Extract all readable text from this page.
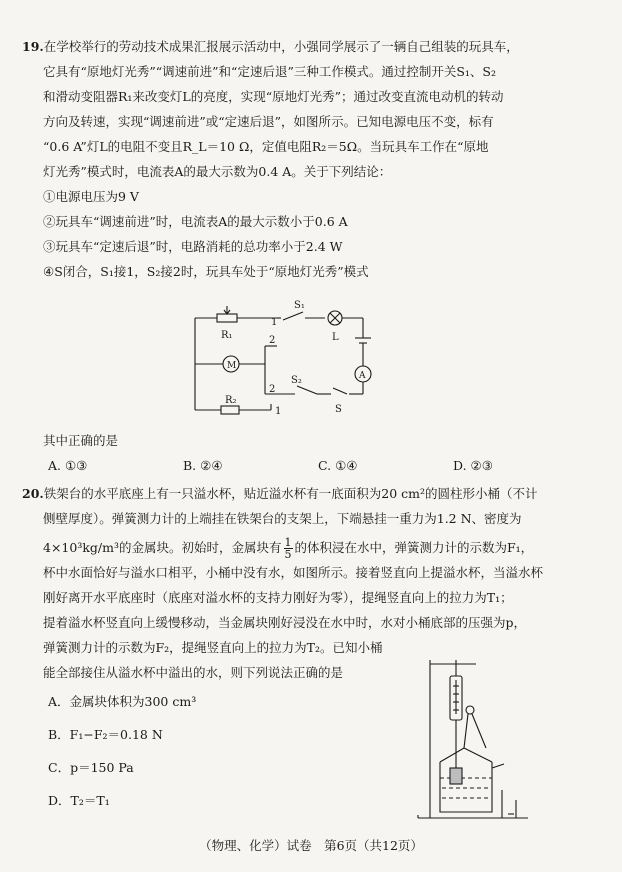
19.在学校举行的劳动技术成果汇报展示活动中，小强同学展示了一辆自己组装的玩具车，
它具有“原地灯光秀”“调速前进”和“定速后退”三种工作模式。通过控制开关S₁、S₂
和滑动变阻器R₁来改变灯L的亮度，实现“原地灯光秀”；通过改变直流电动机的转动
方向及转速，实现“调速前进”或“定速后退”，如图所示。已知电源电压不变，标有
“0.6 A”灯L的电阻不变且R_L＝10 Ω，定值电阻R₂＝5Ω。当玩具车工作在“原地
灯光秀”模式时，电流表A的最大示数为0.4 A。关于下列结论：
①电源电压为9 V
②玩具车“调速前进”时，电流表A的最大示数小于0.6 A
③玩具车“定速后退”时，电路消耗的总功率小于2.4 W
④S闭合，S₁接1，S₂接2时，玩具车处于“原地灯光秀”模式
R₁
1
S₁
L
2
M
A
S₂
2
S
R₂
1
其中正确的是
A. ①③	B. ②④	C. ①④	D. ②③
20.铁架台的水平底座上有一只溢水杯，贴近溢水杯有一底面积为20 cm²的圆柱形小桶（不计
侧壁厚度）。弹簧测力计的上端挂在铁架台的支架上，下端悬挂一重力为1.2 N、密度为
4×10³kg/m³的金属块。初始时，金属块有 $\frac{1}{5}$ 的体积浸在水中，弹簧测力计的示数为F₁，
杯中水面恰好与溢水口相平，小桶中没有水，如图所示。接着竖直向上提溢水杯，当溢水杯
刚好离开水平底座时（底座对溢水杯的支持力刚好为零），提绳竖直向上的拉力为T₁；
提着溢水杯竖直向上缓慢移动，当金属块刚好浸没在水中时，水对小桶底部的压强为p，
弹簧测力计的示数为F₂，提绳竖直向上的拉力为T₂。已知小桶
能全部接住从溢水杯中溢出的水，则下列说法正确的是
A．金属块体积为300 cm³
B．F₁−F₂＝0.18 N
C．p＝150 Pa
D．T₂＝T₁
（物理、化学）试卷　第6页（共12页）
